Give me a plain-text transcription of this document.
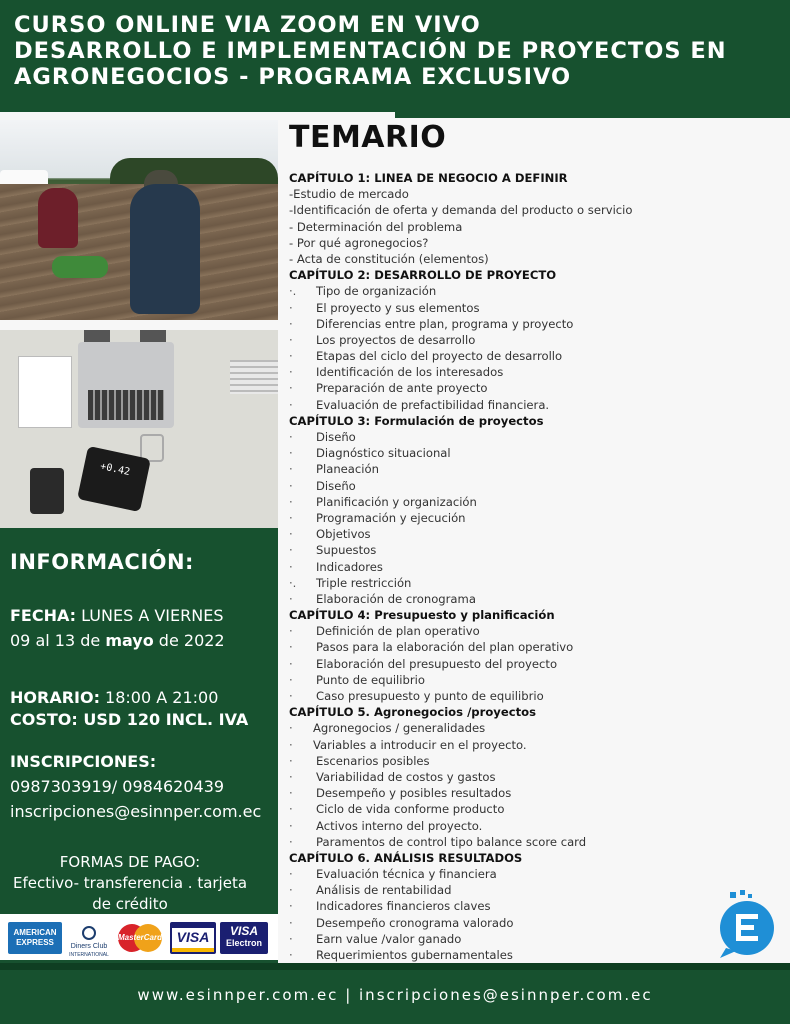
CURSO ONLINE VIA ZOOM EN VIVO
DESARROLLO E IMPLEMENTACIÓN DE PROYECTOS EN
AGRONEGOCIOS - PROGRAMA EXCLUSIVO
+0.42
INFORMACIÓN:
FECHA: LUNES A VIERNES
09 al 13 de mayo de 2022
HORARIO: 18:00 A 21:00
COSTO: USD 120 INCL. IVA
INSCRIPCIONES:
0987303919/ 0984620439
inscripciones@esinnper.com.ec
FORMAS DE PAGO:
Efectivo- transferencia . tarjeta
de crédito
AMERICAN
EXPRESS	Diners Club
INTERNATIONAL
MasterCard	VISA	VISA
Electron
TEMARIO
CAPÍTULO 1: LINEA DE NEGOCIO A DEFINIR
-Estudio de mercado
-Identificación de oferta y demanda del producto o servicio
- Determinación del problema
- Por qué agronegocios?
- Acta de constitución (elementos)
CAPÍTULO 2: DESARROLLO DE PROYECTO
·.	Tipo de organización
·	El proyecto y sus elementos
·	Diferencias entre plan, programa y proyecto
·	Los proyectos de desarrollo
·	Etapas del ciclo del proyecto de desarrollo
·	Identificación de los interesados
·	Preparación de ante proyecto
·	Evaluación de prefactibilidad financiera.
CAPÍTULO 3: Formulación de proyectos
·	Diseño
·	Diagnóstico situacional
·	Planeación
·	Diseño
·	Planificación y organización
·	Programación y ejecución
·	Objetivos
·	Supuestos
·	Indicadores
·.	Triple restricción
·	Elaboración de cronograma
CAPÍTULO 4: Presupuesto y planificación
·	Definición de plan operativo
·	Pasos para la elaboración del plan operativo
·	Elaboración del presupuesto del proyecto
·	Punto de equilibrio
·	Caso presupuesto y punto de equilibrio
CAPÍTULO 5. Agronegocios /proyectos
·	Agronegocios / generalidades
·	Variables a introducir en el proyecto.
·	Escenarios posibles
·	Variabilidad de costos y gastos
·	Desempeño y posibles resultados
·	Ciclo de vida conforme producto
·	Activos interno del proyecto.
·	Paramentos de control tipo balance score card
CAPÍTULO 6. ANÁLISIS RESULTADOS
·	Evaluación técnica y financiera
·	Análisis de rentabilidad
·	Indicadores financieros claves
·	Desempeño cronograma valorado
·	Earn value /valor ganado
·	Requerimientos gubernamentales
www.esinnper.com.ec | inscripciones@esinnper.com.ec
